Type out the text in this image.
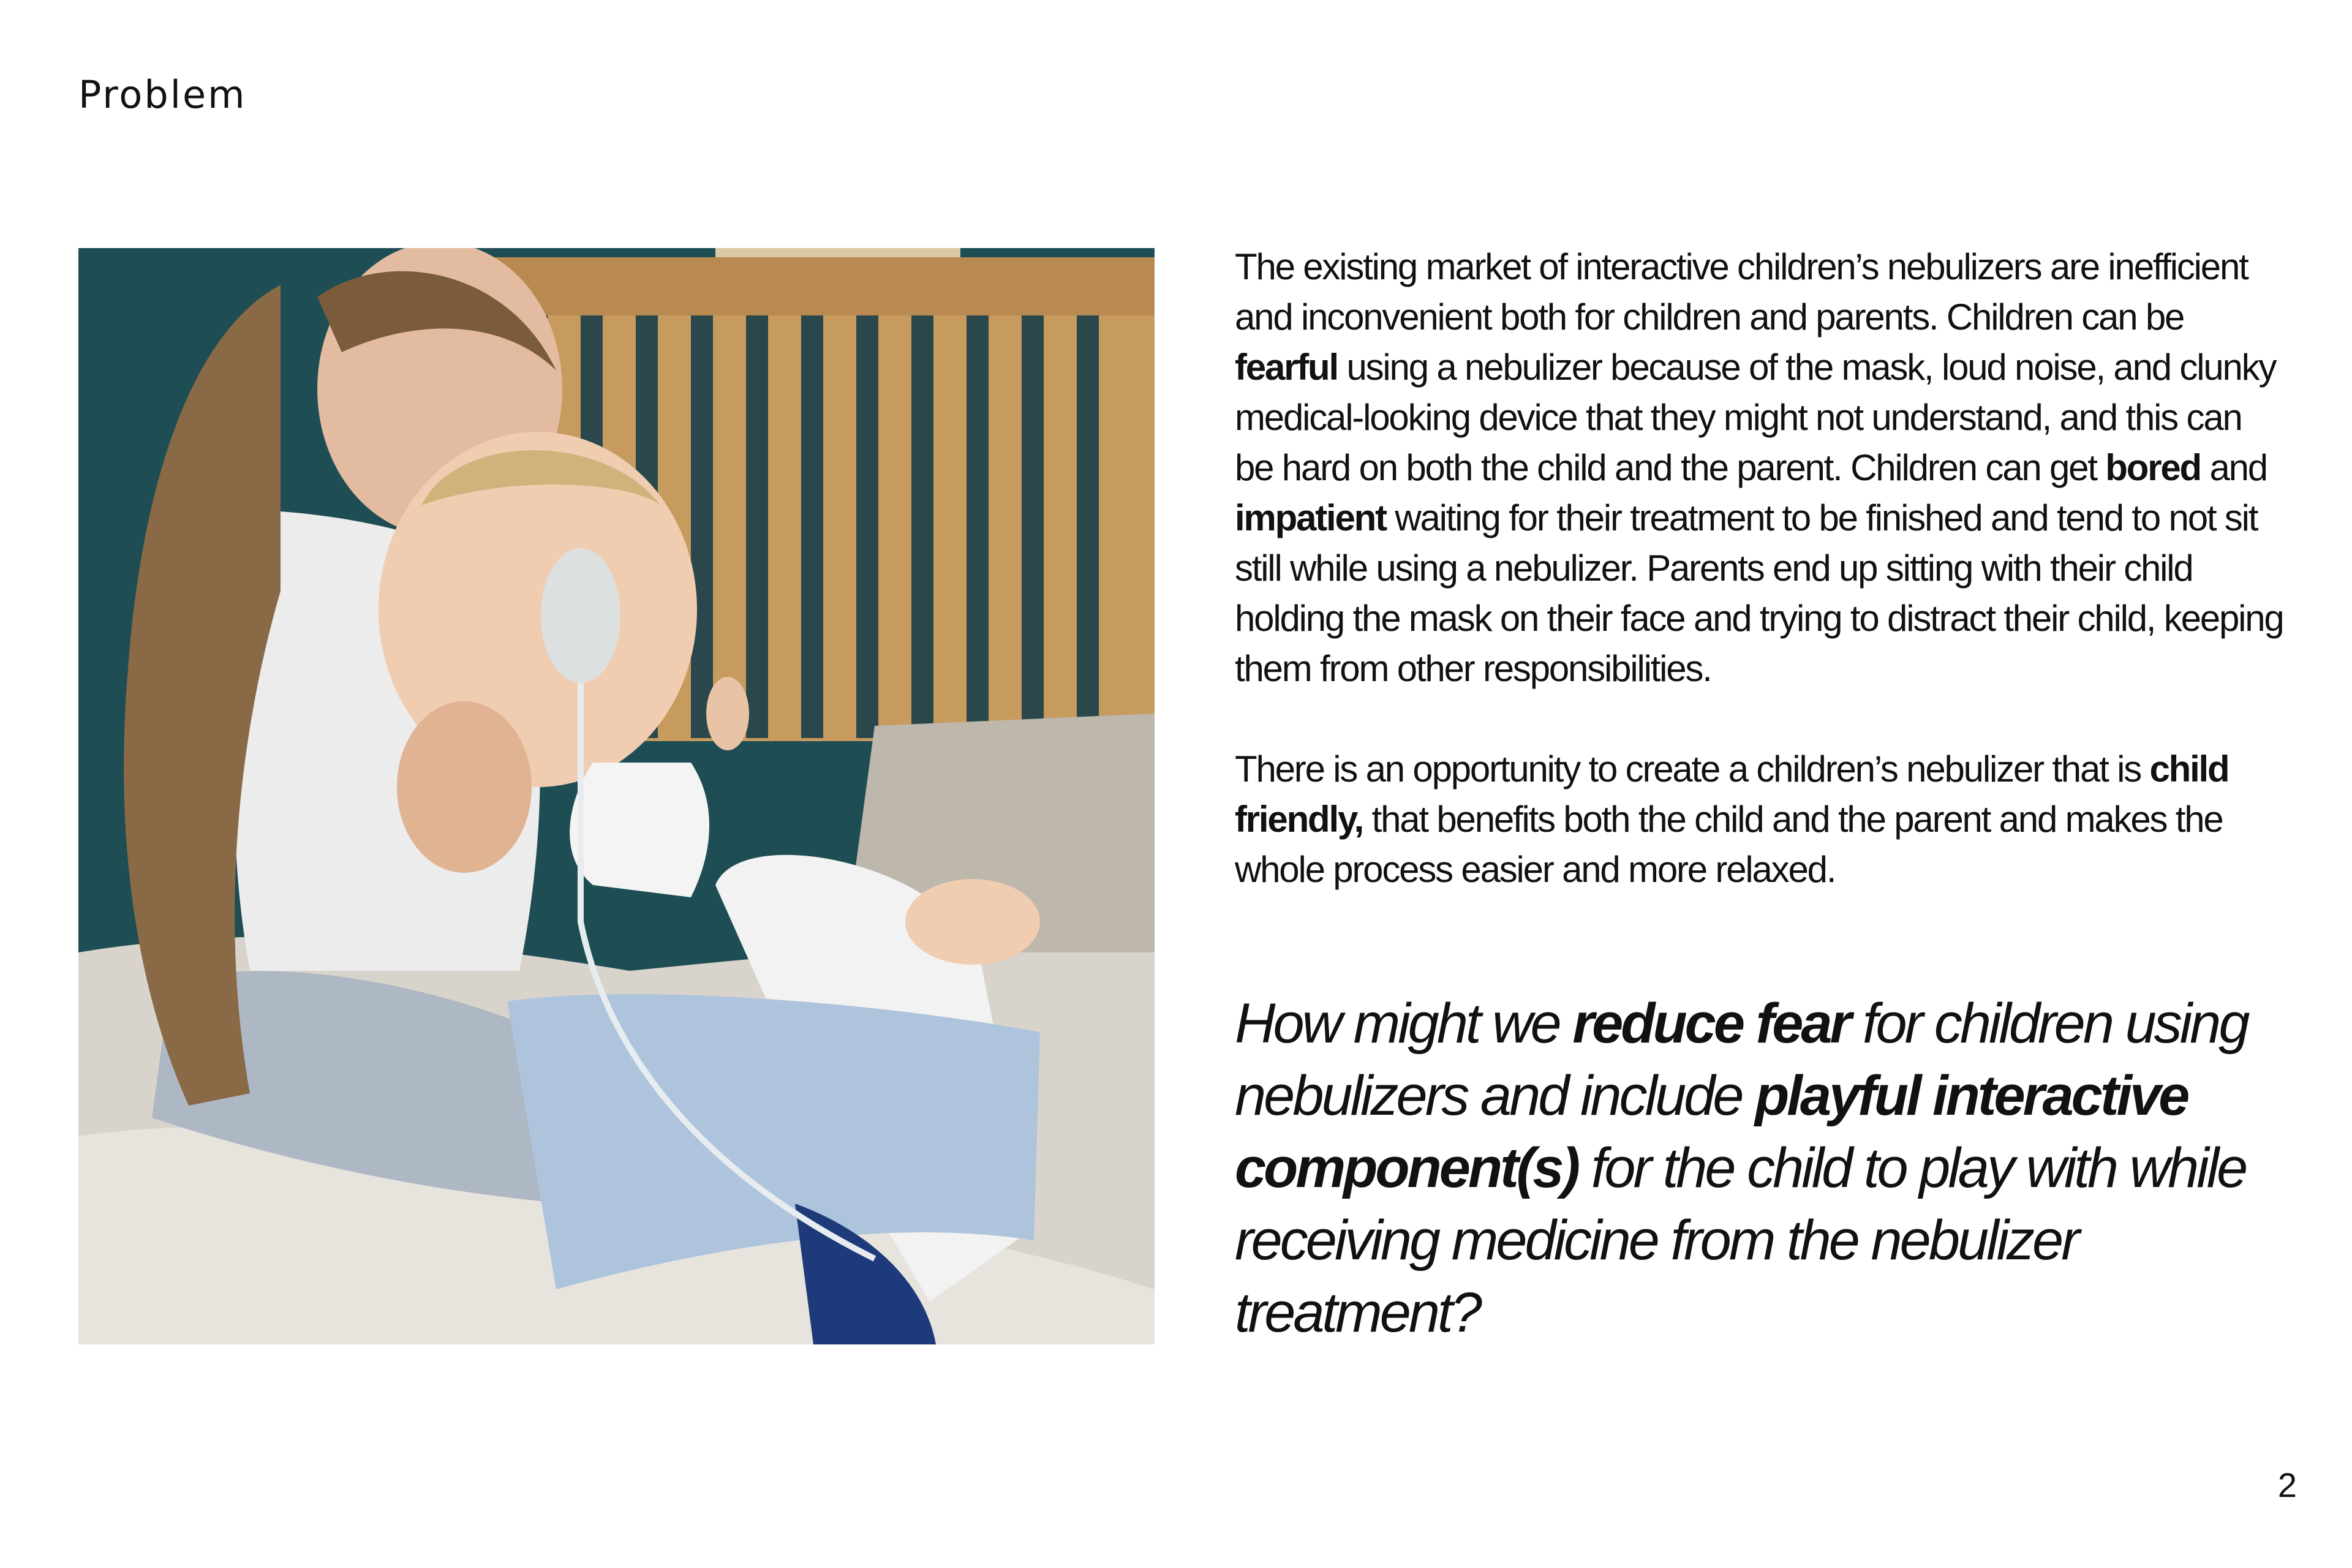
Problem

The existing market of interactive children’s nebulizers are inefficient and inconvenient both for children and parents. Children can be fearful using a nebulizer because of the mask, loud noise, and clunky medical-looking device that they might not understand, and this can be hard on both the child and the parent. Children can get bored and impatient waiting for their treatment to be finished and tend to not sit still while using a nebulizer. Parents end up sitting with their child holding the mask on their face and trying to distract their child, keeping them from other responsibilities.

There is an opportunity to create a children’s nebulizer that is child friendly, that benefits both the child and the parent and makes the whole process easier and more relaxed.

How might we reduce fear for children using nebulizers and include playful interactive component(s) for the child to play with while receiving medicine from the nebulizer treatment?
2
